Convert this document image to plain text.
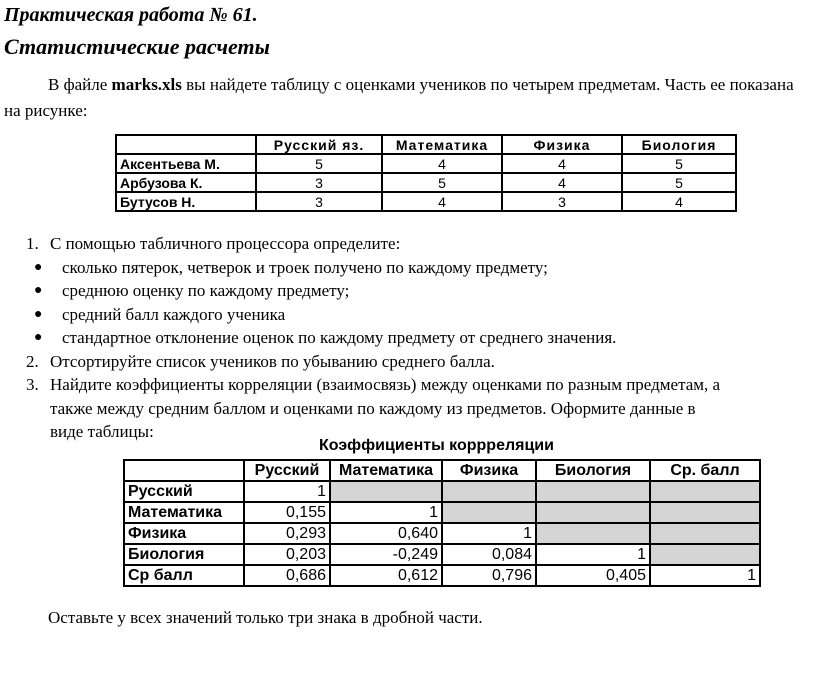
Практическая работа № 61.
Статистические расчеты
В файле marks.xls вы найдете таблицу с оценками учеников по четырем предметам. Часть ее показана на рисунке:
	Русский яз.	Математика	Физика	Биология
Аксентьева М.	5	4	4	5
Арбузова К.	3	5	4	5
Бутусов Н.	3	4	3	4
1. С помощью табличного процессора определите:
● сколько пятерок, четверок и троек получено по каждому предмету;
● среднюю оценку по каждому предмету;
● средний балл каждого ученика
● стандартное отклонение оценок по каждому предмету от среднего значения.
2. Отсортируйте список учеников по убыванию среднего балла.
3. Найдите коэффициенты корреляции (взаимосвязь) между оценками по разным предметам, а
также между средним баллом и оценками по каждому из предметов. Оформите данные в
виде таблицы:
Коэффициенты коррреляции
	Русский	Математика	Физика	Биология	Ср. балл
Русский	1				
Математика	0,155	1			
Физика	0,293	0,640	1		
Биология	0,203	-0,249	0,084	1	
Ср балл	0,686	0,612	0,796	0,405	1
Оставьте у всех значений только три знака в дробной части.
